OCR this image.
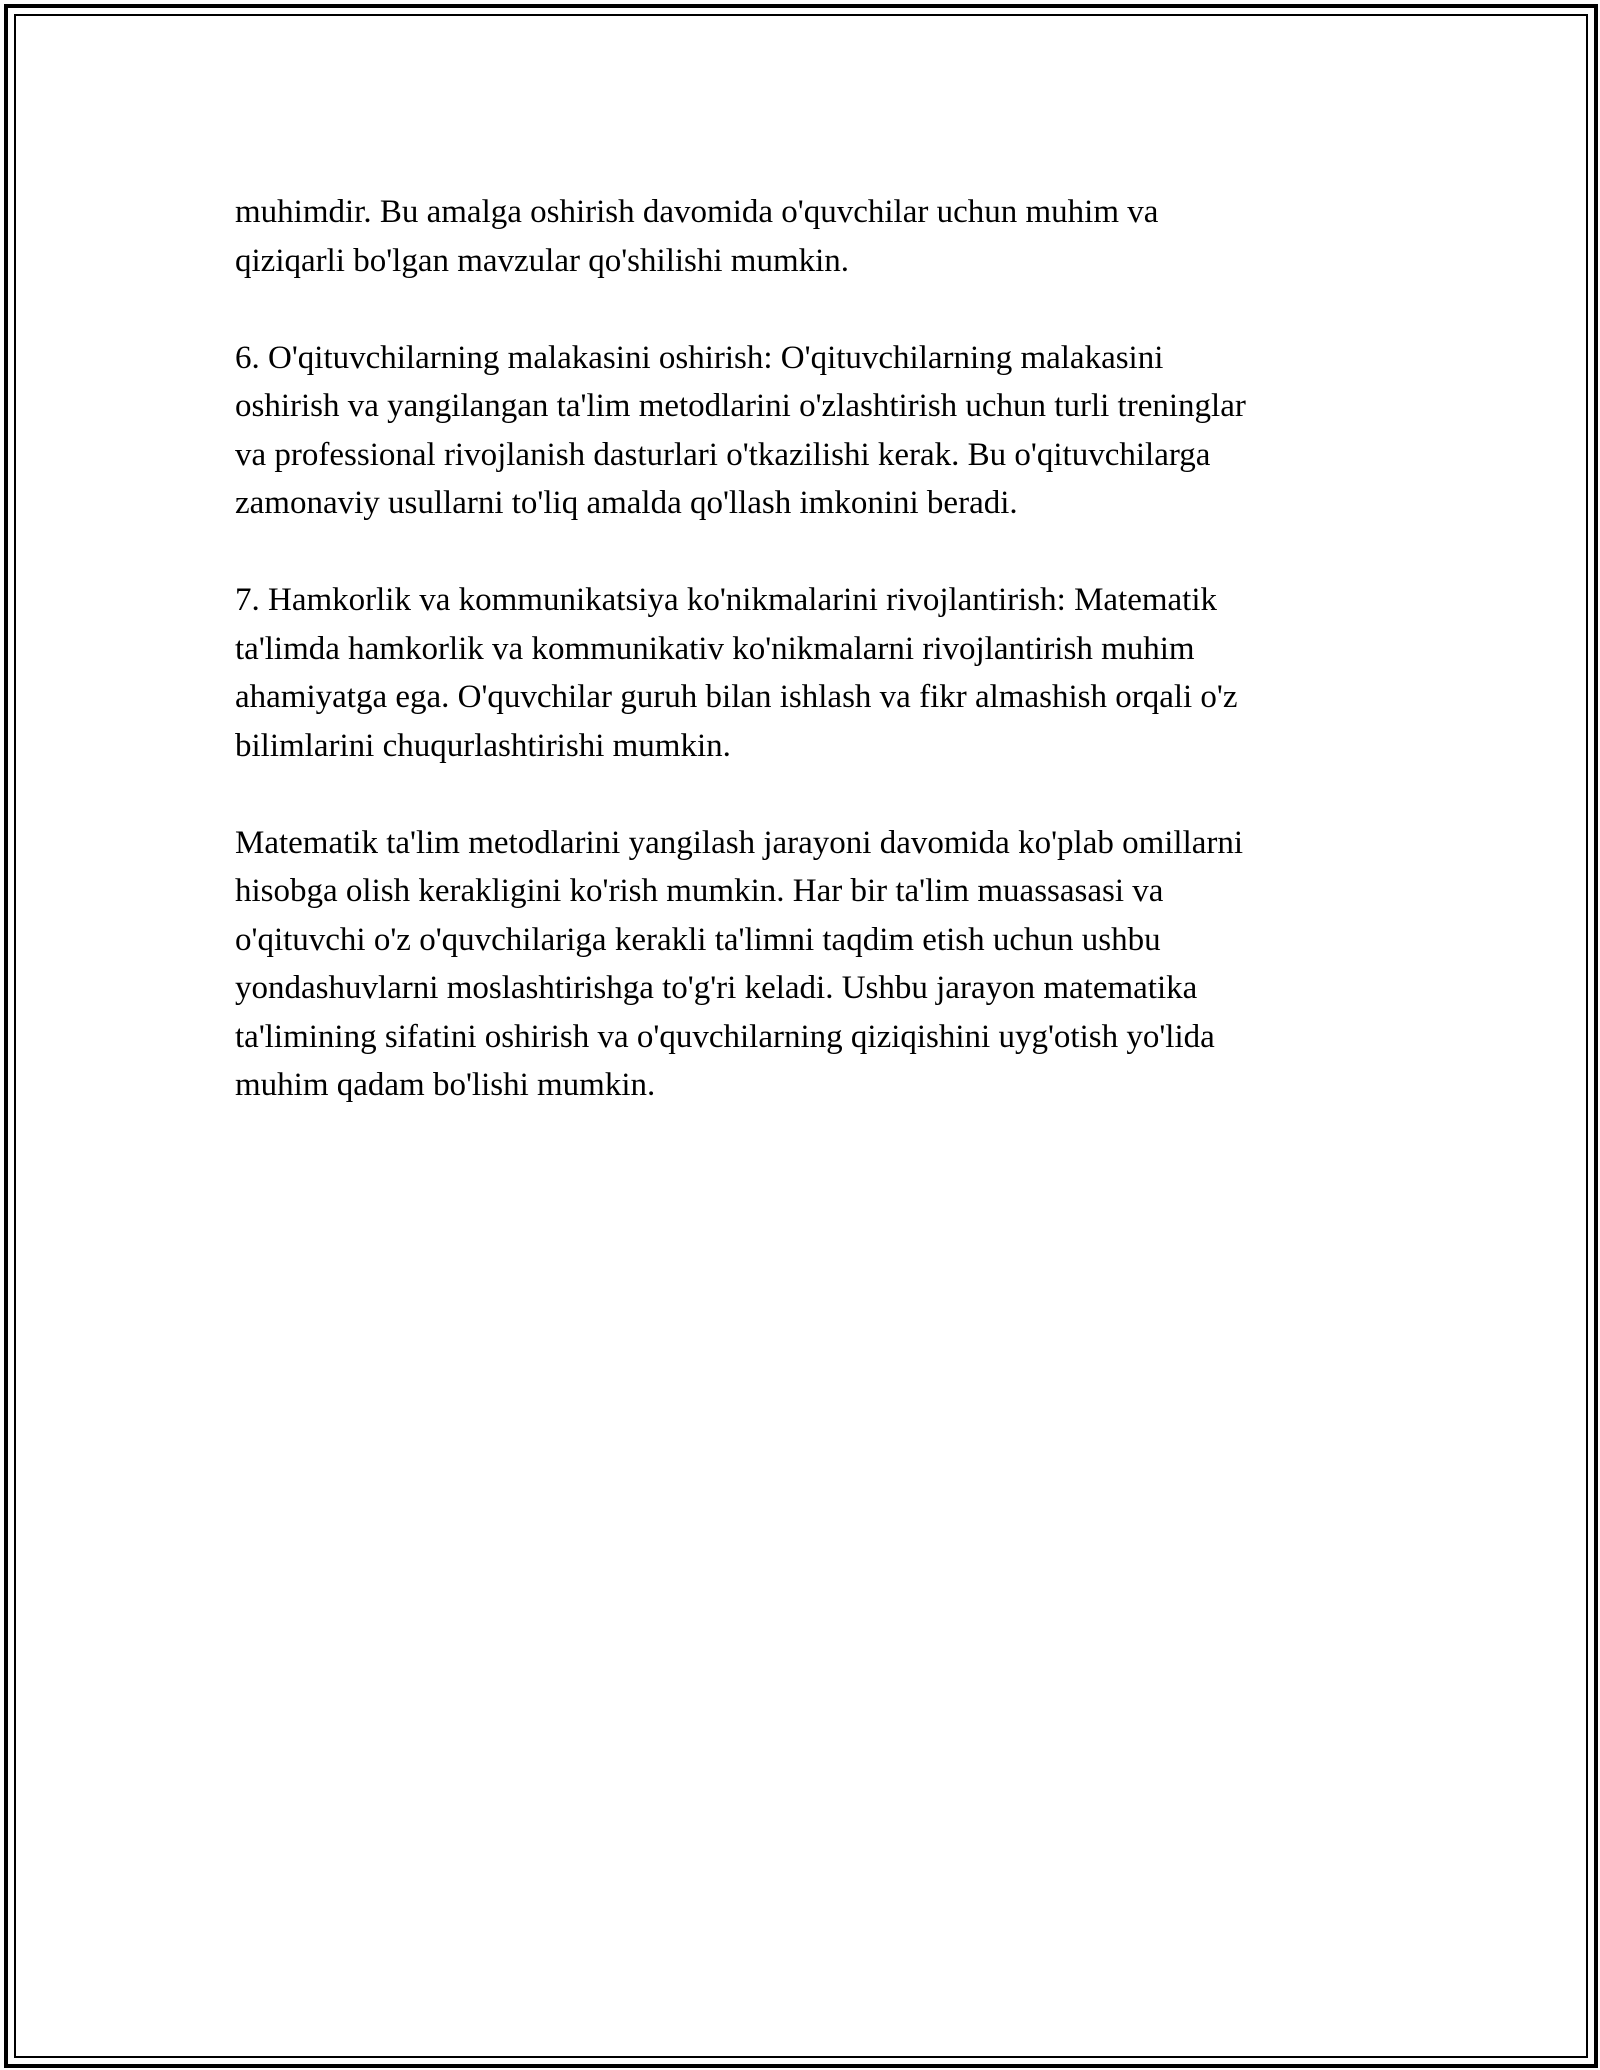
muhimdir. Bu amalga oshirish davomida o'quvchilar uchun muhim va
qiziqarli bo'lgan mavzular qo'shilishi mumkin.

6. O'qituvchilarning malakasini oshirish: O'qituvchilarning malakasini
oshirish va yangilangan ta'lim metodlarini o'zlashtirish uchun turli treninglar
va professional rivojlanish dasturlari o'tkazilishi kerak. Bu o'qituvchilarga
zamonaviy usullarni to'liq amalda qo'llash imkonini beradi.

7. Hamkorlik va kommunikatsiya ko'nikmalarini rivojlantirish: Matematik
ta'limda hamkorlik va kommunikativ ko'nikmalarni rivojlantirish muhim
ahamiyatga ega. O'quvchilar guruh bilan ishlash va fikr almashish orqali o'z
bilimlarini chuqurlashtirishi mumkin.

Matematik ta'lim metodlarini yangilash jarayoni davomida ko'plab omillarni
hisobga olish kerakligini ko'rish mumkin. Har bir ta'lim muassasasi va
o'qituvchi o'z o'quvchilariga kerakli ta'limni taqdim etish uchun ushbu
yondashuvlarni moslashtirishga to'g'ri keladi. Ushbu jarayon matematika
ta'limining sifatini oshirish va o'quvchilarning qiziqishini uyg'otish yo'lida
muhim qadam bo'lishi mumkin.
